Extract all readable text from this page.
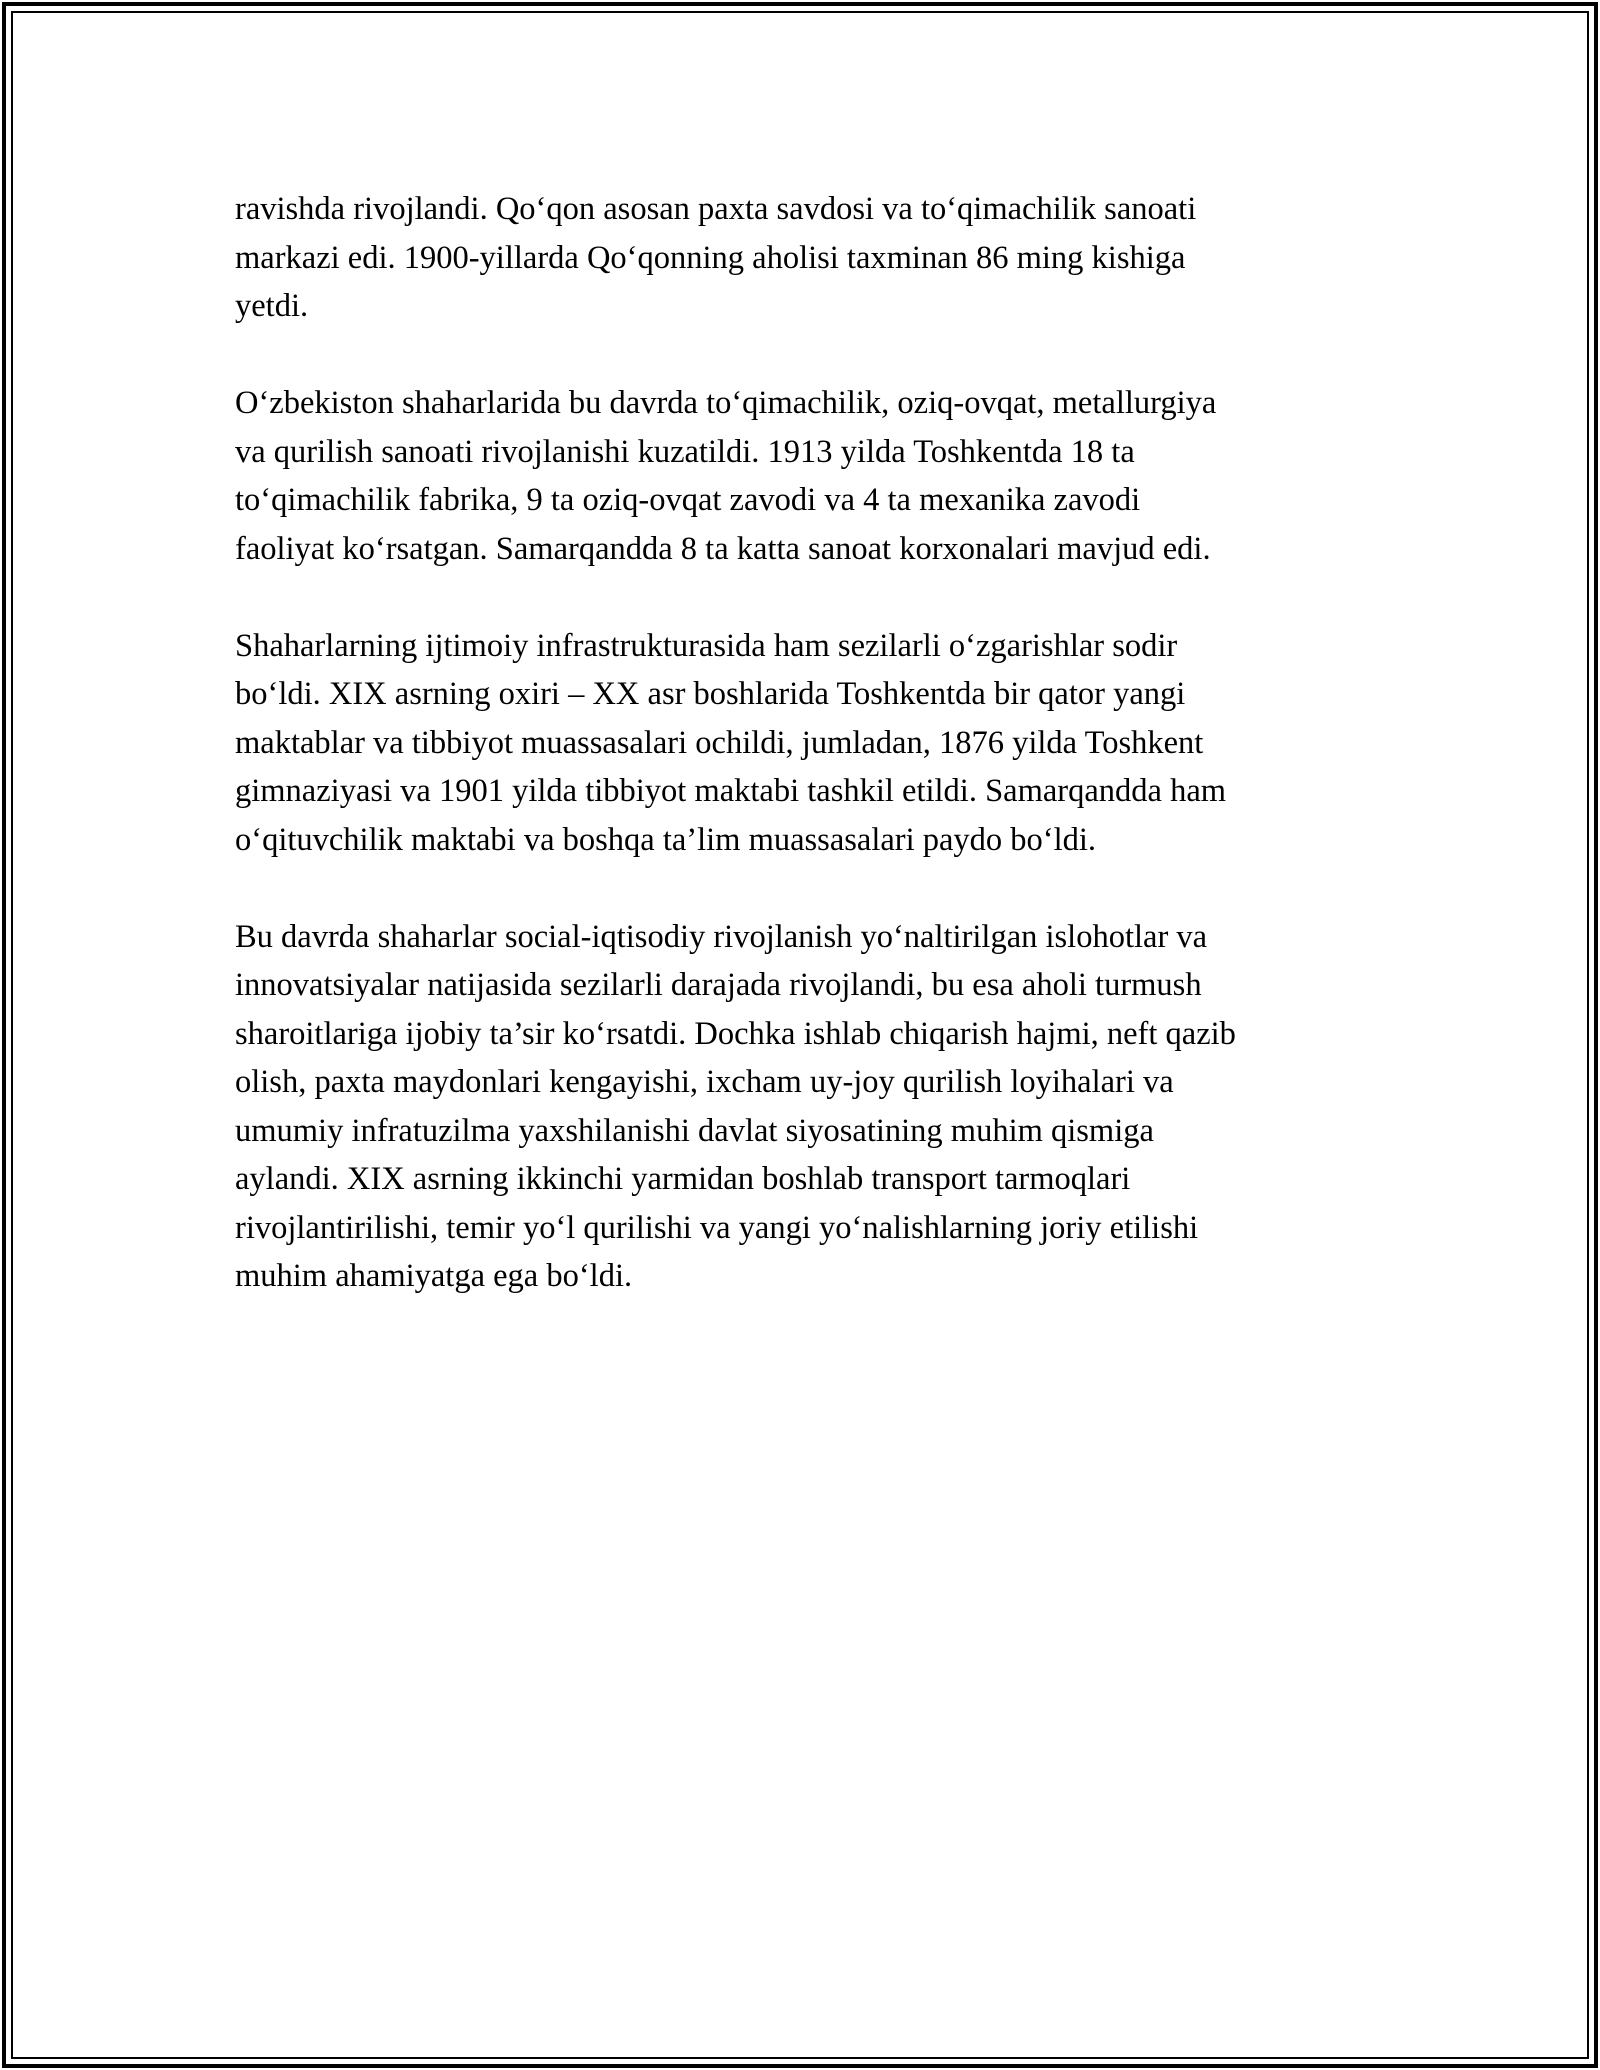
ravishda rivojlandi. Qo‘qon asosan paxta savdosi va to‘qimachilik sanoati
markazi edi. 1900-yillarda Qo‘qonning aholisi taxminan 86 ming kishiga
yetdi.

O‘zbekiston shaharlarida bu davrda to‘qimachilik, oziq-ovqat, metallurgiya
va qurilish sanoati rivojlanishi kuzatildi. 1913 yilda Toshkentda 18 ta
to‘qimachilik fabrika, 9 ta oziq-ovqat zavodi va 4 ta mexanika zavodi
faoliyat ko‘rsatgan. Samarqandda 8 ta katta sanoat korxonalari mavjud edi.

Shaharlarning ijtimoiy infrastrukturasida ham sezilarli o‘zgarishlar sodir
bo‘ldi. XIX asrning oxiri – XX asr boshlarida Toshkentda bir qator yangi
maktablar va tibbiyot muassasalari ochildi, jumladan, 1876 yilda Toshkent
gimnaziyasi va 1901 yilda tibbiyot maktabi tashkil etildi. Samarqandda ham
o‘qituvchilik maktabi va boshqa ta’lim muassasalari paydo bo‘ldi.

Bu davrda shaharlar social-iqtisodiy rivojlanish yo‘naltirilgan islohotlar va
innovatsiyalar natijasida sezilarli darajada rivojlandi, bu esa aholi turmush
sharoitlariga ijobiy ta’sir ko‘rsatdi. Dochka ishlab chiqarish hajmi, neft qazib
olish, paxta maydonlari kengayishi, ixcham uy-joy qurilish loyihalari va
umumiy infratuzilma yaxshilanishi davlat siyosatining muhim qismiga
aylandi. XIX asrning ikkinchi yarmidan boshlab transport tarmoqlari
rivojlantirilishi, temir yo‘l qurilishi va yangi yo‘nalishlarning joriy etilishi
muhim ahamiyatga ega bo‘ldi.
